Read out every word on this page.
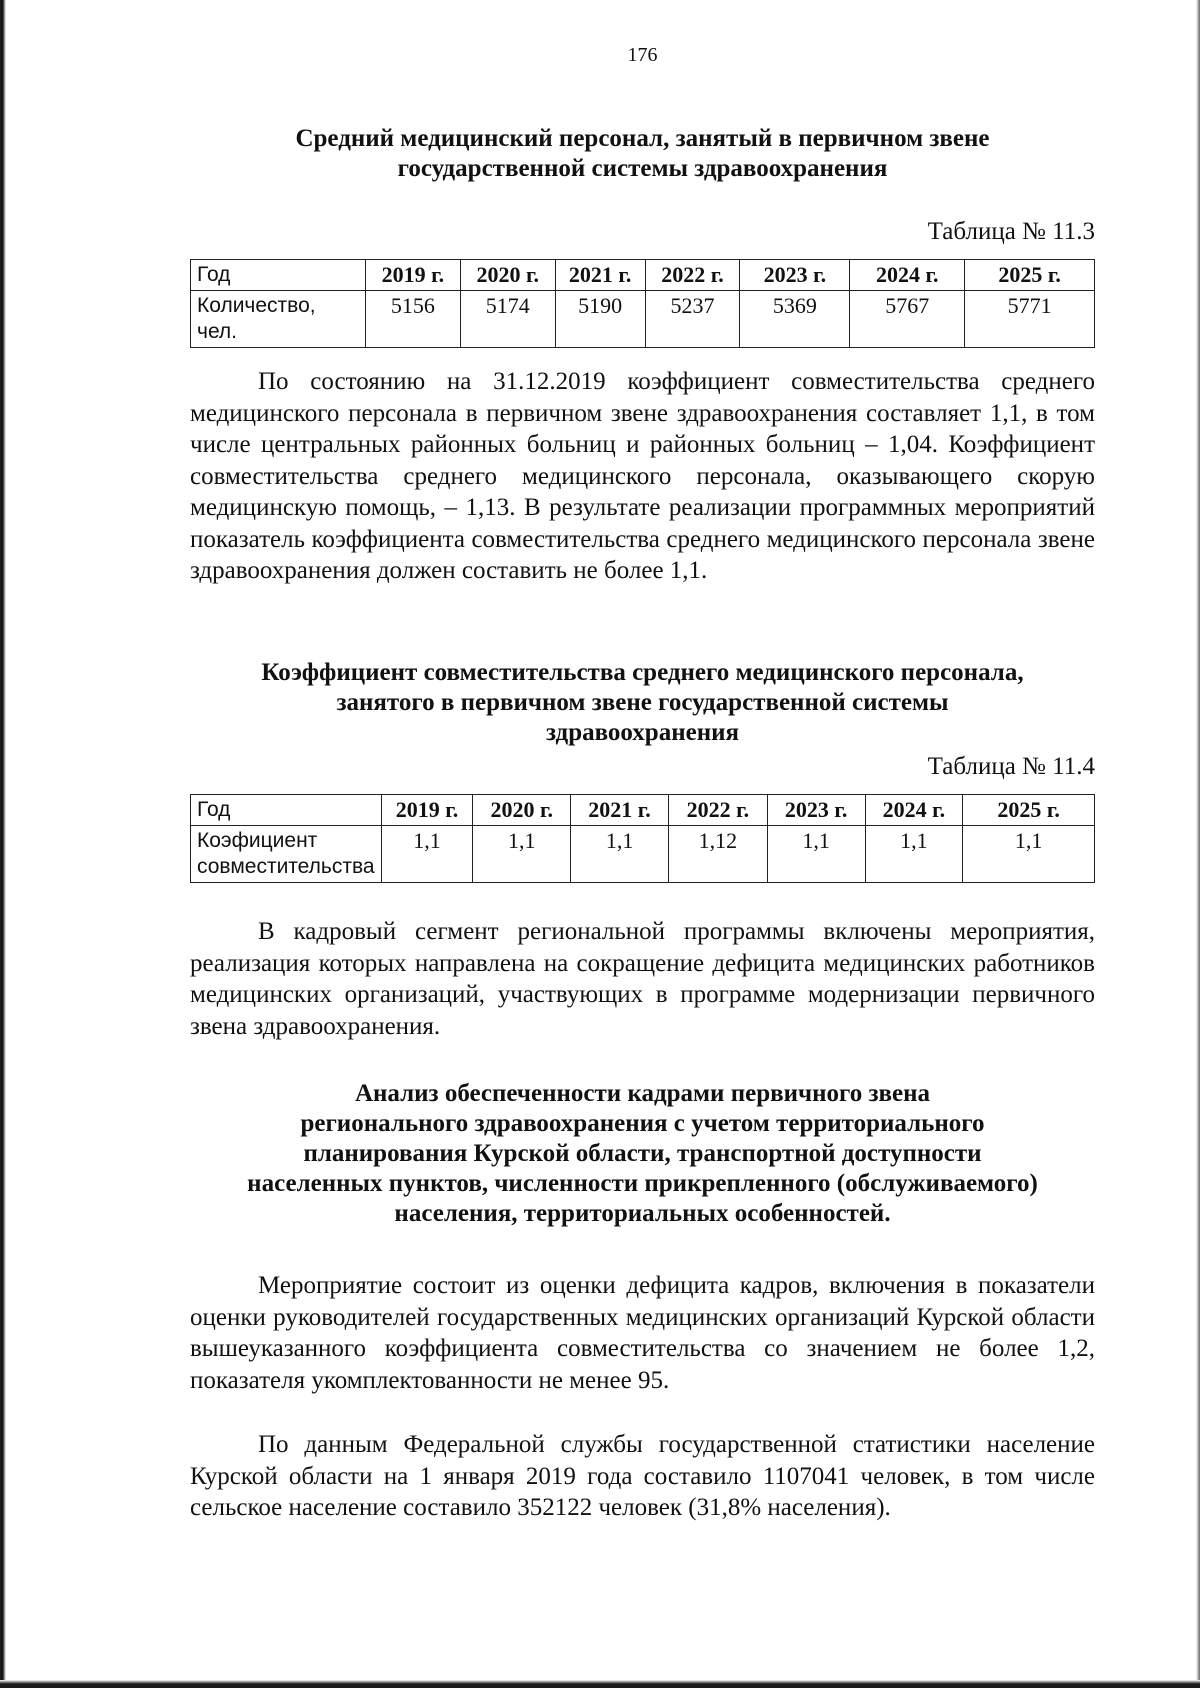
176
Средний медицинский персонал, занятый в первичном звене
государственной системы здравоохранения
Таблица № 11.3
Год	2019 г.	2020 г.	2021 г.	2022 г.	2023 г.	2024 г.	2025 г.

Количество,
чел.	5156	5174	5190	5237	5369	5767	5771

По состоянию на 31.12.2019 коэффициент совместительства среднего медицинского персонала в первичном звене здравоохранения составляет 1,1, в том числе центральных районных больниц и районных больниц – 1,04. Коэффициент совместительства среднего медицинского персонала, оказывающего скорую медицинскую помощь, – 1,13. В результате реализации программных мероприятий показатель коэффициента совместительства среднего медицинского персонала звене здравоохранения должен составить не более 1,1.

Коэффициент совместительства среднего медицинского персонала,
занятого в первичном звене государственной системы
здравоохранения
Таблица № 11.4
Год	2019 г.	2020 г.	2021 г.	2022 г.	2023 г.	2024 г.	2025 г.

Коэфициент
совместительства	1,1	1,1	1,1	1,12	1,1	1,1	1,1

В кадровый сегмент региональной программы включены мероприятия, реализация которых направлена на сокращение дефицита медицинских работников медицинских организаций, участвующих в программе модернизации первичного звена здравоохранения.

Анализ обеспеченности кадрами первичного звена
регионального здравоохранения с учетом территориального
планирования Курской области, транспортной доступности
населенных пунктов, численности прикрепленного (обслуживаемого)
населения, территориальных особенностей.

Мероприятие состоит из оценки дефицита кадров, включения в показатели оценки руководителей государственных медицинских организаций Курской области вышеуказанного коэффициента совместительства со значением не более 1,2, показателя укомплектованности не менее 95.

По данным Федеральной службы государственной статистики население Курской области на 1 января 2019 года составило 1107041 человек, в том числе сельское население составило 352122 человек (31,8% населения).
